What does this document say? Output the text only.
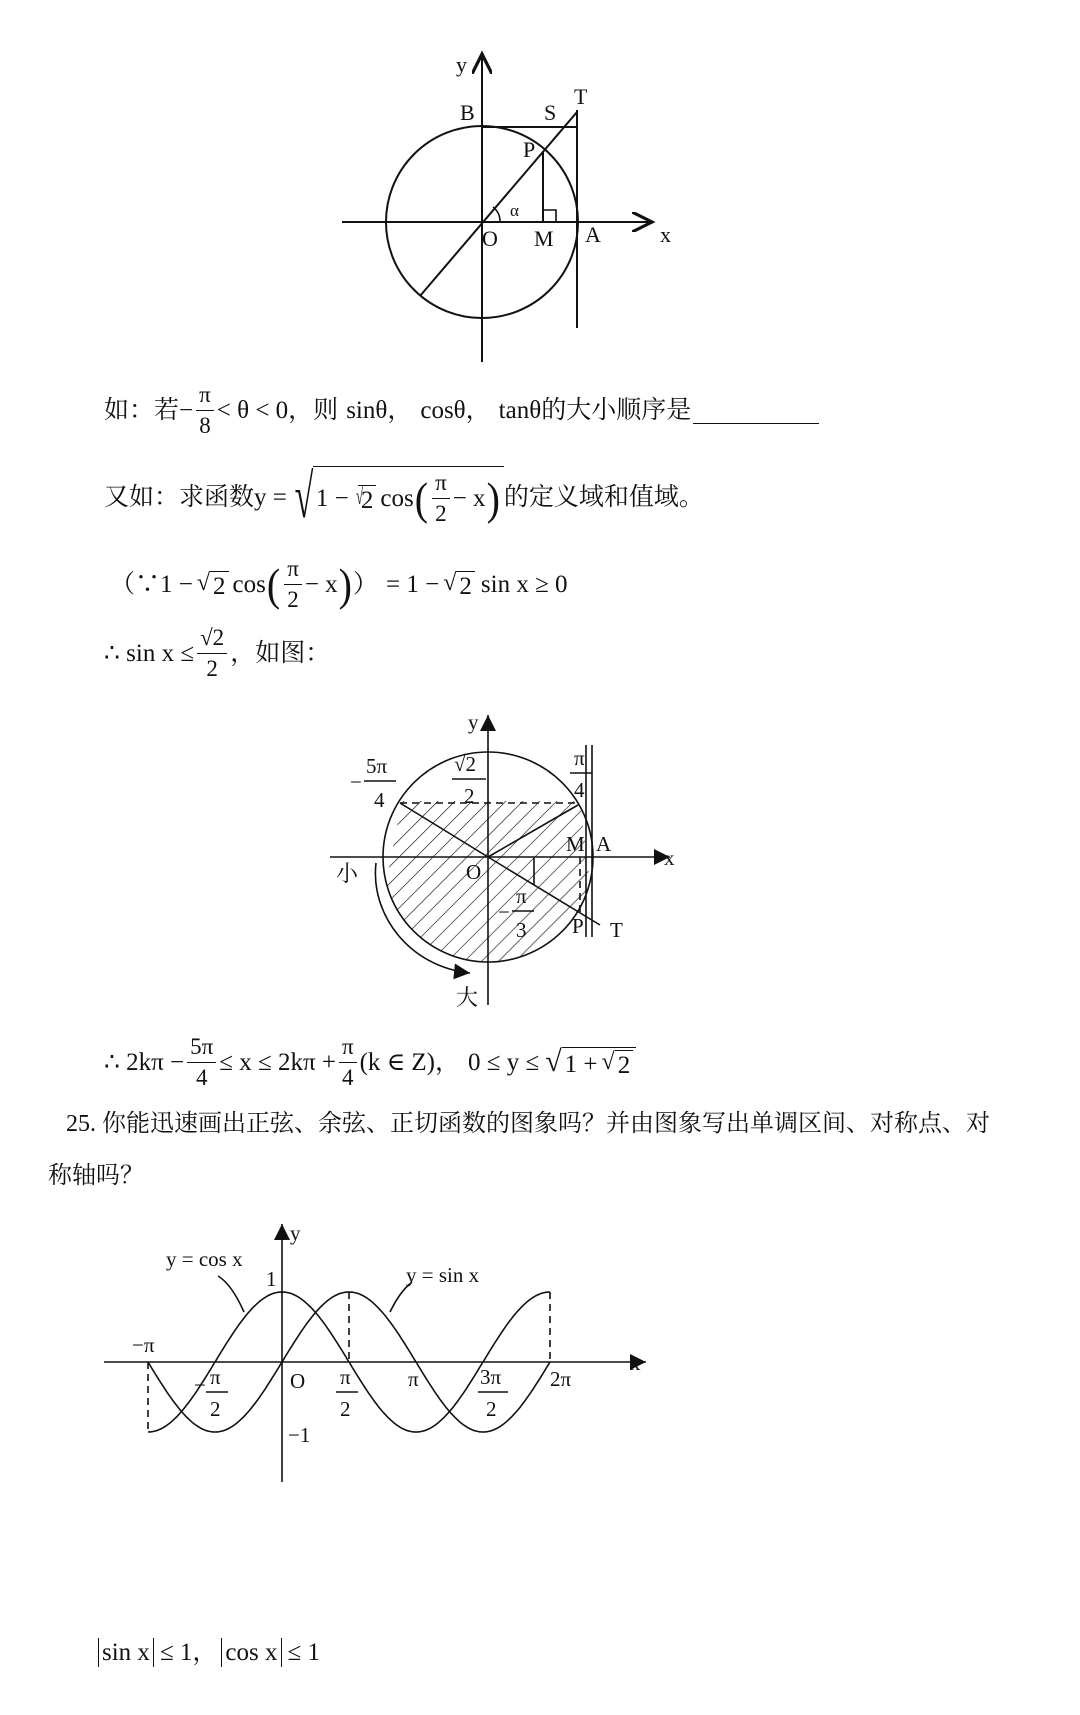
y
x
B	S
T
P
α
O M A
如：若 − $\frac{\pi}{8} < \theta < 0$，则 sinθ， cosθ， tanθ 的大小顺序是
又如：求函数y = √ 1 − √
2 cos ( $\frac{\pi}{2} - x$ ) 的定义域和值域。
（∵1 − √ 2 cos ( $\frac{\pi}{2} - x$ ) ） = 1 − √ 2 sin x ≥ 0
∴ $\sin x \le \frac{√2}{2}$ ，如图：
y
x
−
5π
4
√2
2
π
4
M A
O
小
大
−
π
3 P T
∴ $2k\pi - \frac{5\pi}{4} \le x \le 2k\pi + \frac{\pi}{4} (k$ ∈ Z)， 0 ≤ y ≤ √ 1 + √ 2
25. 你能迅速画出正弦、余弦、正切函数的图象吗？并由图象写出单调区间、对称点、对
称轴吗？
y
x
y = cos x
y = sin x
1
−1
−π
− π
2
O π
2
π	3π
2
2π
sin x ≤ 1， cos x ≤ 1
